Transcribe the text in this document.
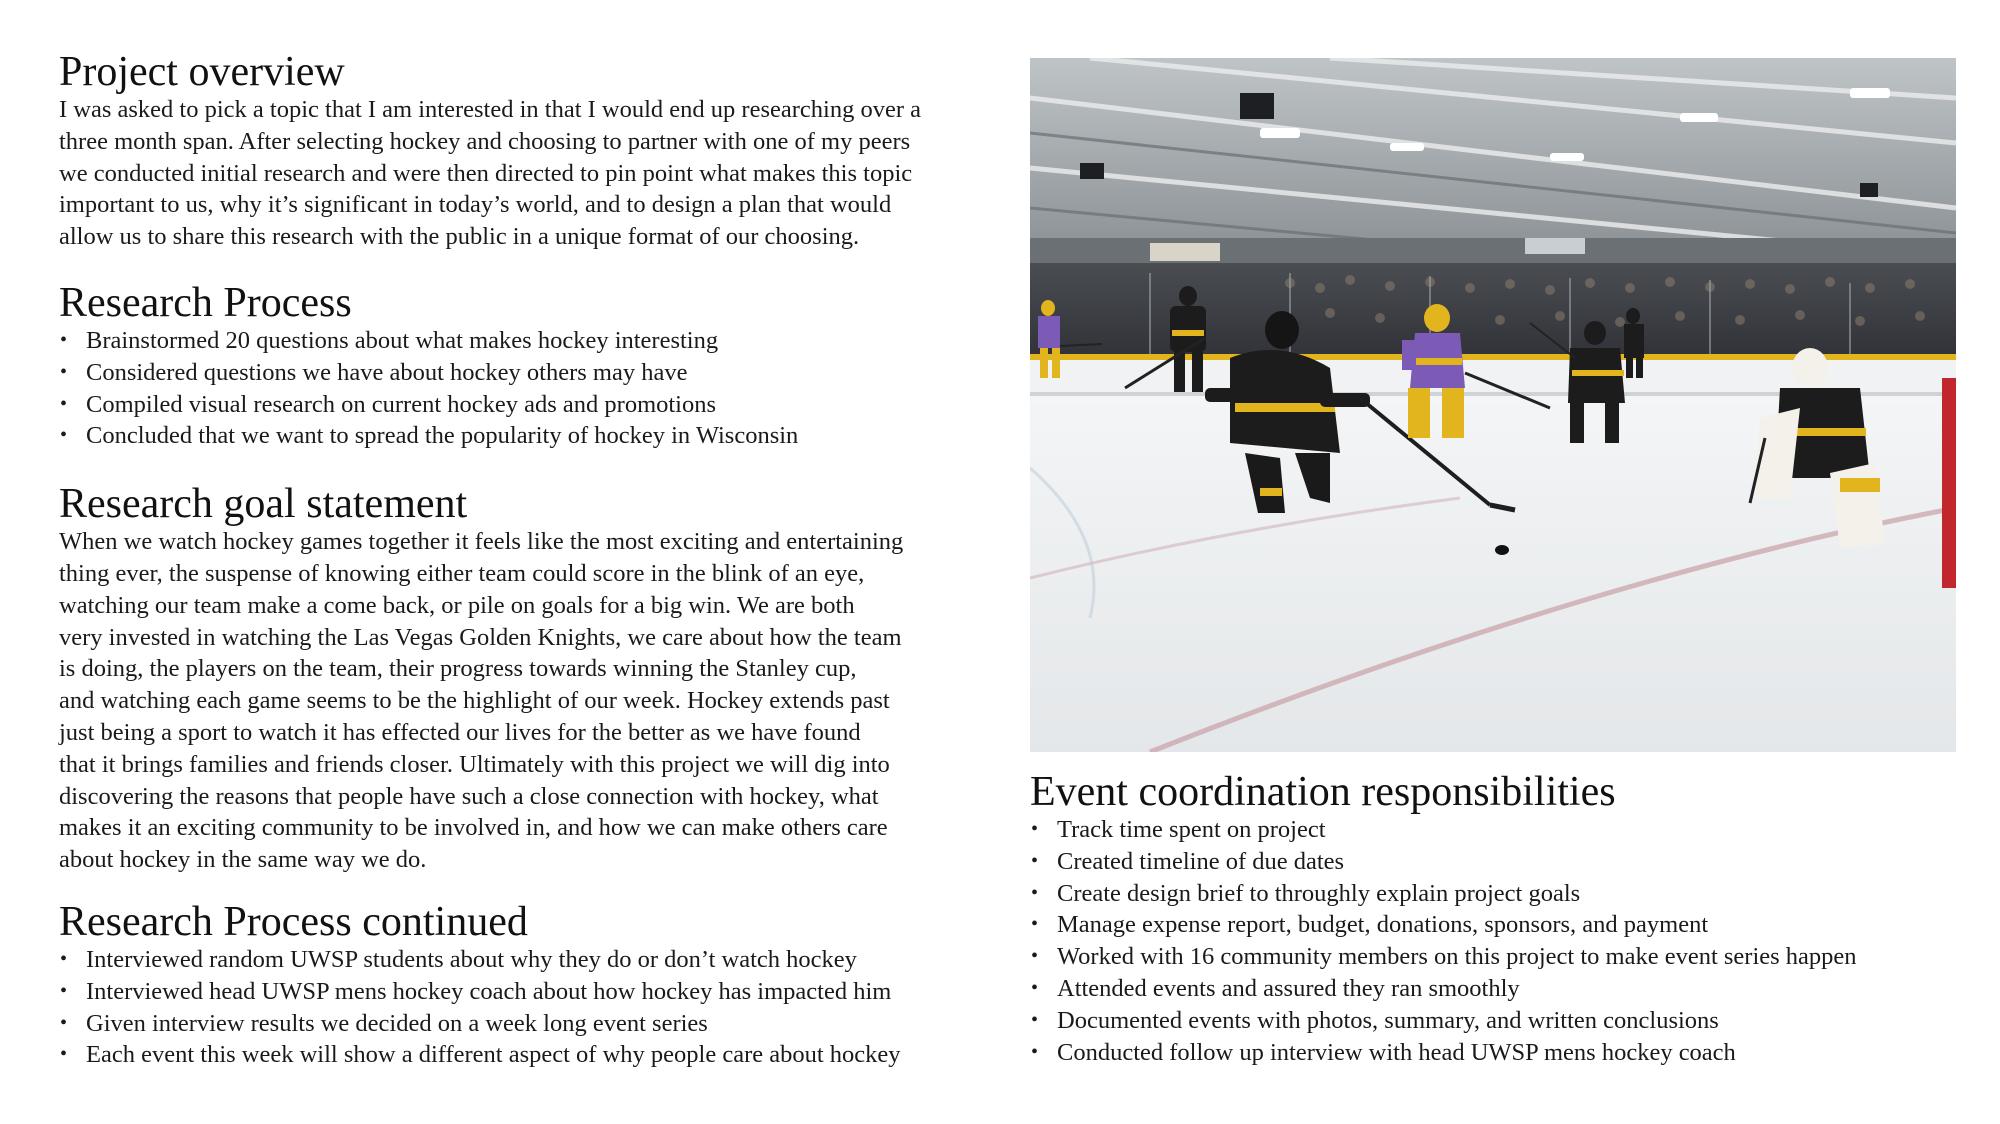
Project overview

I was asked to pick a topic that I am interested in that I would end up researching over a
three month span. After selecting hockey and choosing to partner with one of my peers
we conducted initial research and were then directed to pin point what makes this topic
important to us, why it’s significant in today’s world, and to design a plan that would
allow us to share this research with the public in a unique format of our choosing.

Research Process
• Brainstormed 20 questions about what makes hockey interesting
• Considered questions we have about hockey others may have
• Compiled visual research on current hockey ads and promotions
• Concluded that we want to spread the popularity of hockey in Wisconsin
Research goal statement

When we watch hockey games together it feels like the most exciting and entertaining
thing ever, the suspense of knowing either team could score in the blink of an eye,
watching our team make a come back, or pile on goals for a big win. We are both
very invested in watching the Las Vegas Golden Knights, we care about how the team
is doing, the players on the team, their progress towards winning the Stanley cup,
and watching each game seems to be the highlight of our week. Hockey extends past
just being a sport to watch it has effected our lives for the better as we have found
that it brings families and friends closer. Ultimately with this project we will dig into
discovering the reasons that people have such a close connection with hockey, what
makes it an exciting community to be involved in, and how we can make others care
about hockey in the same way we do.

Research Process continued
• Interviewed random UWSP students about why they do or don’t watch hockey
• Interviewed head UWSP mens hockey coach about how hockey has impacted him
• Given interview results we decided on a week long event series
• Each event this week will show a different aspect of why people care about hockey
Event coordination responsibilities
• Track time spent on project
• Created timeline of due dates
• Create design brief to throughly explain project goals
• Manage expense report, budget, donations, sponsors, and payment
• Worked with 16 community members on this project to make event series happen
• Attended events and assured they ran smoothly
• Documented events with photos, summary, and written conclusions
• Conducted follow up interview with head UWSP mens hockey coach
